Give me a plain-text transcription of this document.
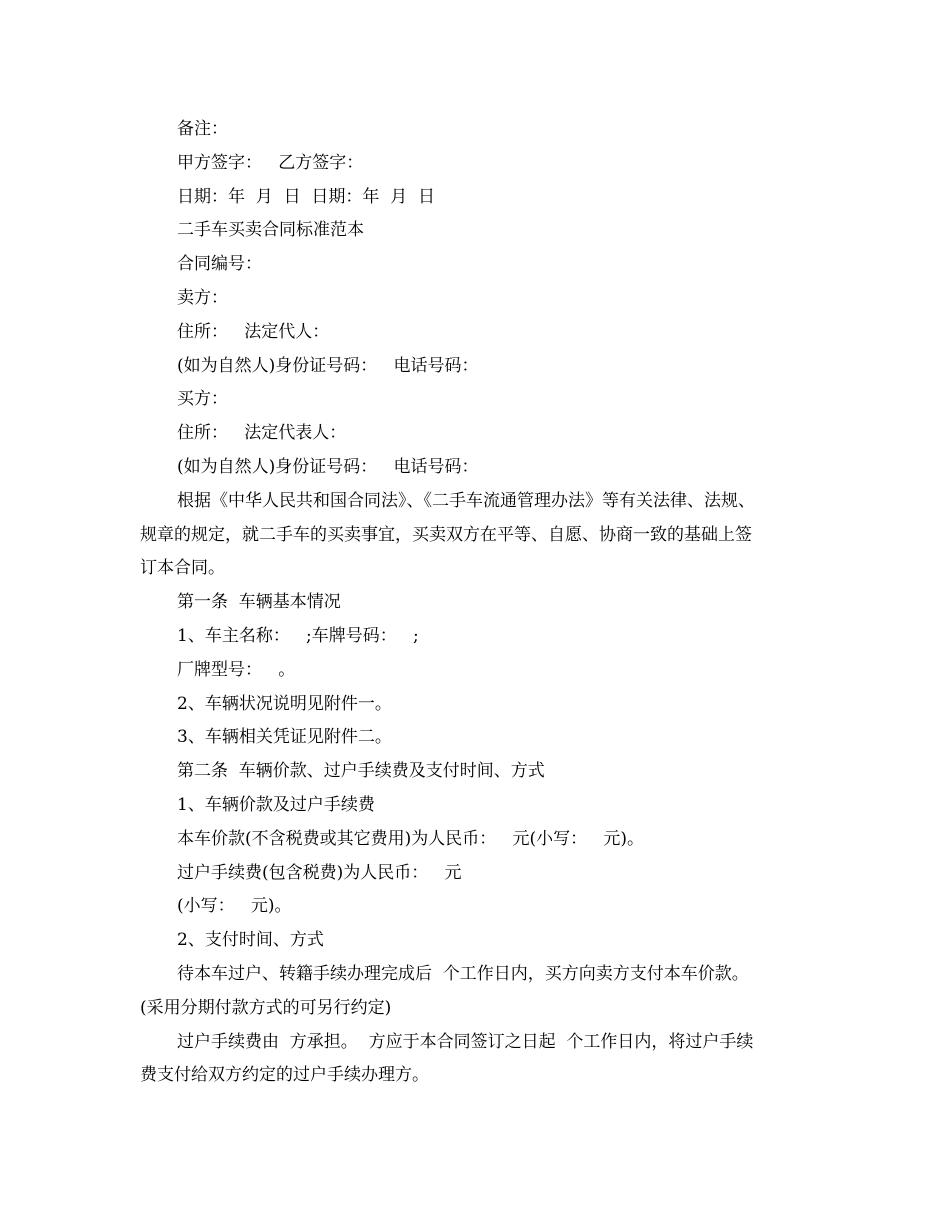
备注：
甲方签字：   乙方签字：
日期：年  月  日  日期：年  月  日
二手车买卖合同标准范本
合同编号：
卖方：
住所：   法定代人：
(如为自然人)身份证号码：   电话号码：
买方：
住所：   法定代表人：
(如为自然人)身份证号码：   电话号码：
根据《中华人民共和国合同法》、《二手车流通管理办法》等有关法律、法规、
规章的规定，就二手车的买卖事宜，买卖双方在平等、自愿、协商一致的基础上签
订本合同。
第一条  车辆基本情况
1、车主名称：   ;车牌号码：   ;
厂牌型号：   。
2、车辆状况说明见附件一。
3、车辆相关凭证见附件二。
第二条  车辆价款、过户手续费及支付时间、方式
1、车辆价款及过户手续费
本车价款(不含税费或其它费用)为人民币：   元(小写：   元)。
过户手续费(包含税费)为人民币：   元
(小写：   元)。
2、支付时间、方式
待本车过户、转籍手续办理完成后  个工作日内，买方向卖方支付本车价款。
(采用分期付款方式的可另行约定)
过户手续费由  方承担。  方应于本合同签订之日起  个工作日内，将过户手续
费支付给双方约定的过户手续办理方。
